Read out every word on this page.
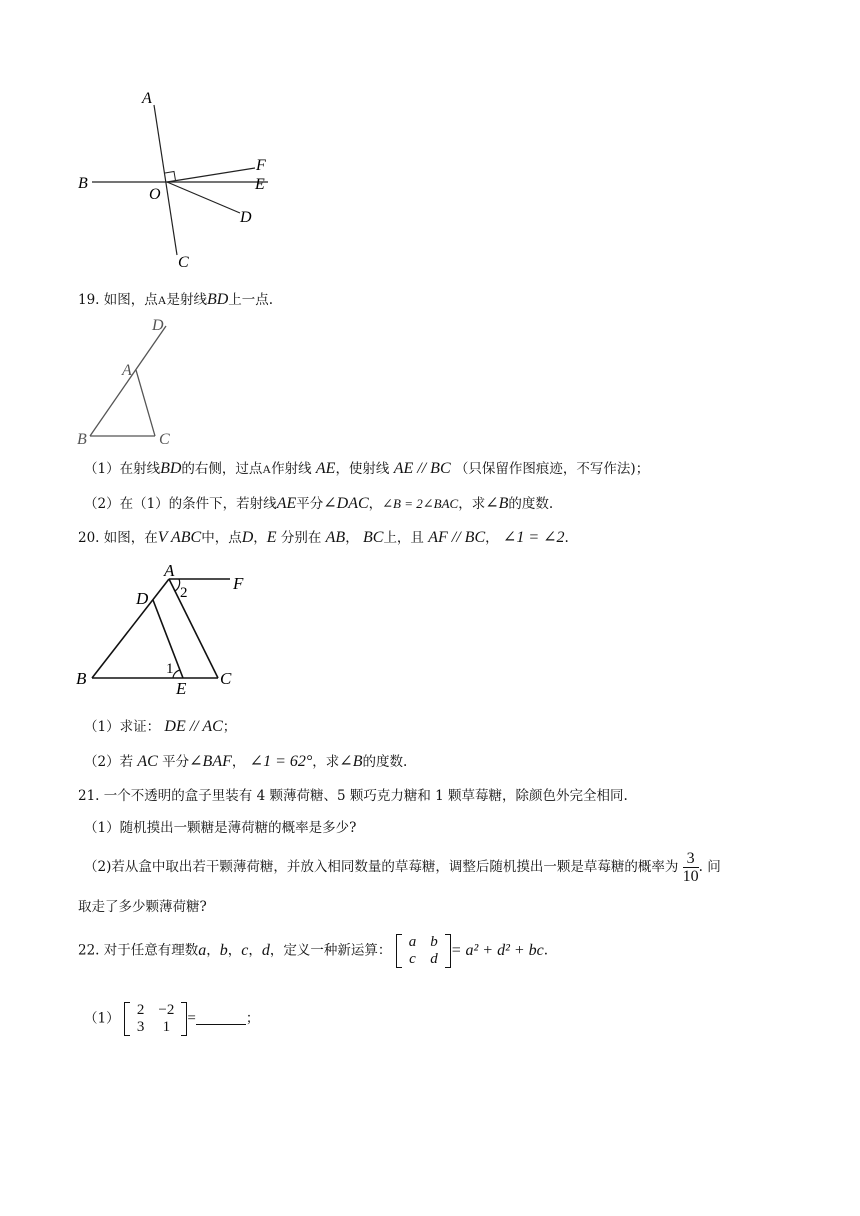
A
B
O
F
E
D
C
19. 如图，点A是射线BD上一点.
D
A
B	C
（1）在射线BD的右侧，过点A作射线 AE，使射线 AE // BC （只保留作图痕迹，不写作法)；
（2）在（1）的条件下，若射线AE平分∠DAC，∠B = 2∠BAC，求∠B的度数.
20. 如图，在V ABC中，点D，E 分别在 AB， BC上，且 AF // BC， ∠1 = ∠2.
A
F
D 2
1
B
E
C
（1）求证： DE // AC；
（2）若 AC 平分∠BAF， ∠1 = 62°，求∠B的度数.
21. 一个不透明的盒子里装有 4 颗薄荷糖、5 颗巧克力糖和 1 颗草莓糖，除颜色外完全相同.
（1）随机摸出一颗糖是薄荷糖的概率是多少?
（2)若从盒中取出若干颗薄荷糖，并放入相同数量的草莓糖，调整后随机摸出一颗是草莓糖的概率为 $\frac{3}{10}$ . 问
取走了多少颗薄荷糖?
22. 对于任意有理数a，b，c，d，定义一种新运算：
a	b
c	d = a² + d² + bc.
（1）
2	−2
3	1
=	；
